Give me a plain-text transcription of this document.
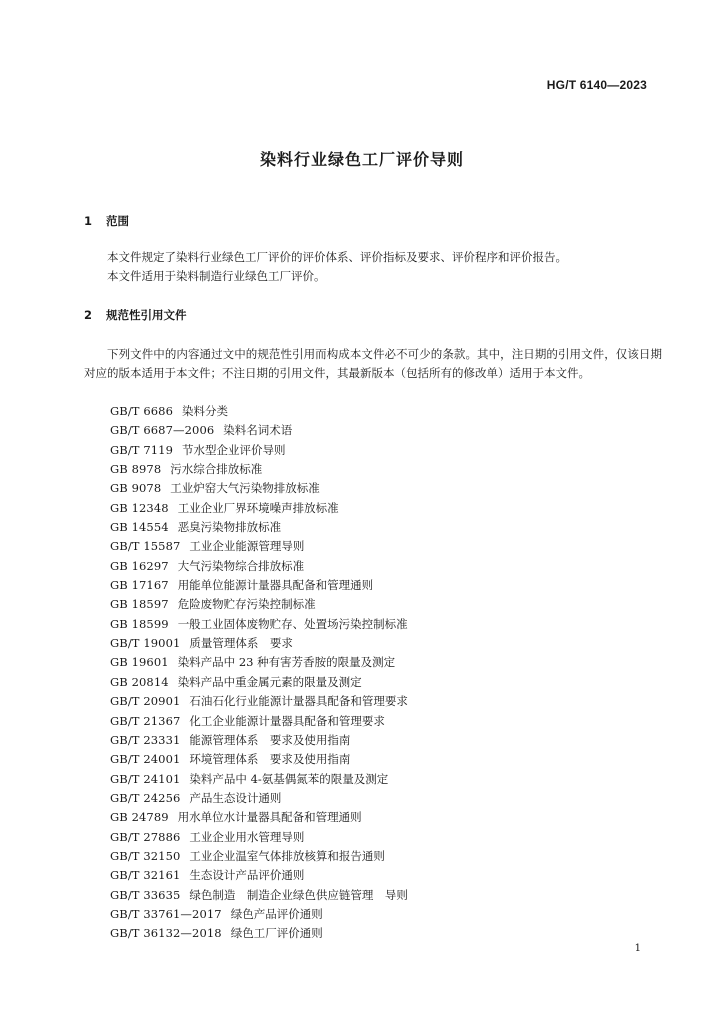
HG/T 6140—2023
染料行业绿色工厂评价导则
1 范围

本文件规定了染料行业绿色工厂评价的评价体系、评价指标及要求、评价程序和评价报告。

本文件适用于染料制造行业绿色工厂评价。

2 规范性引用文件

下列文件中的内容通过文中的规范性引用而构成本文件必不可少的条款。其中，注日期的引用文件，仅该日期对应的版本适用于本文件；不注日期的引用文件，其最新版本（包括所有的修改单）适用于本文件。

GB/T 6686 染料分类
GB/T 6687—2006 染料名词术语
GB/T 7119 节水型企业评价导则
GB 8978 污水综合排放标准
GB 9078 工业炉窑大气污染物排放标准
GB 12348 工业企业厂界环境噪声排放标准
GB 14554 恶臭污染物排放标准
GB/T 15587 工业企业能源管理导则
GB 16297 大气污染物综合排放标准
GB 17167 用能单位能源计量器具配备和管理通则
GB 18597 危险废物贮存污染控制标准
GB 18599 一般工业固体废物贮存、处置场污染控制标准
GB/T 19001 质量管理体系　要求
GB 19601 染料产品中 23 种有害芳香胺的限量及测定
GB 20814 染料产品中重金属元素的限量及测定
GB/T 20901 石油石化行业能源计量器具配备和管理要求
GB/T 21367 化工企业能源计量器具配备和管理要求
GB/T 23331 能源管理体系　要求及使用指南
GB/T 24001 环境管理体系　要求及使用指南
GB/T 24101 染料产品中 4-氨基偶氮苯的限量及测定
GB/T 24256 产品生态设计通则
GB 24789 用水单位水计量器具配备和管理通则
GB/T 27886 工业企业用水管理导则
GB/T 32150 工业企业温室气体排放核算和报告通则
GB/T 32161 生态设计产品评价通则
GB/T 33635 绿色制造　制造企业绿色供应链管理　导则
GB/T 33761—2017 绿色产品评价通则
GB/T 36132—2018 绿色工厂评价通则
1
